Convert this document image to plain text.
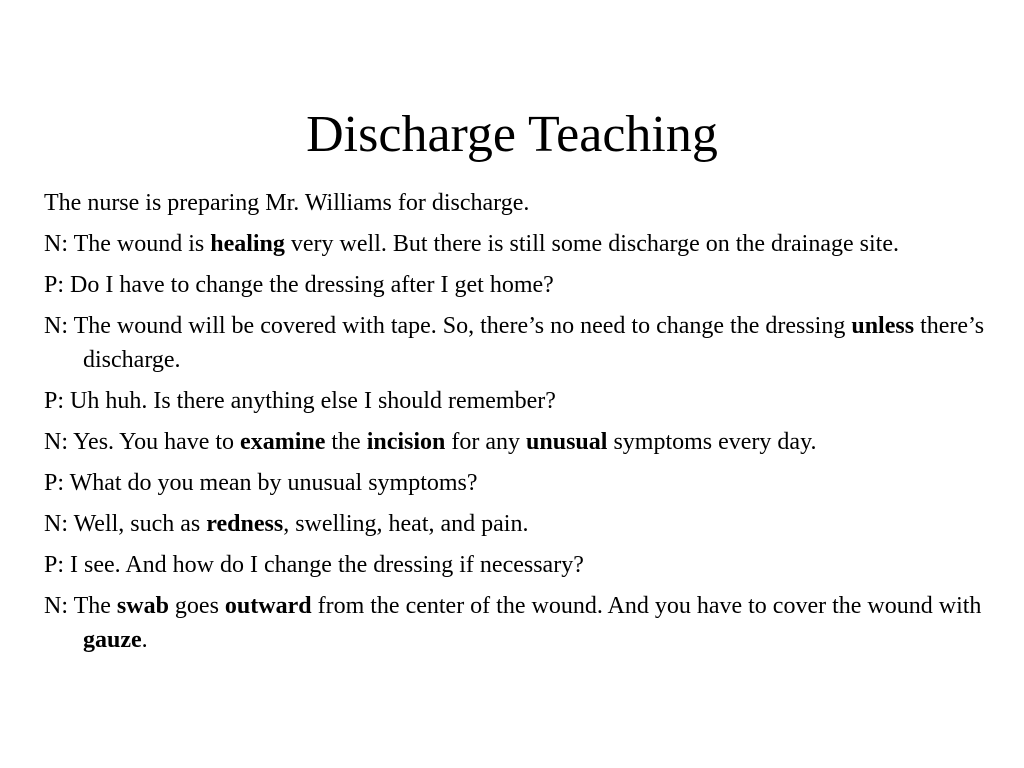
Discharge Teaching

The nurse is preparing Mr. Williams for discharge.

N: The wound is healing very well. But there is still some discharge on the drainage site.

P: Do I have to change the dressing after I get home?

N: The wound will be covered with tape. So, there’s no need to change the dressing unless there’s discharge.

P: Uh huh. Is there anything else I should remember?

N: Yes. You have to examine the incision for any unusual symptoms every day.

P: What do you mean by unusual symptoms?

N: Well, such as redness, swelling, heat, and pain.

P: I see. And how do I change the dressing if necessary?

N: The swab goes outward from the center of the wound. And you have to cover the wound with gauze.
